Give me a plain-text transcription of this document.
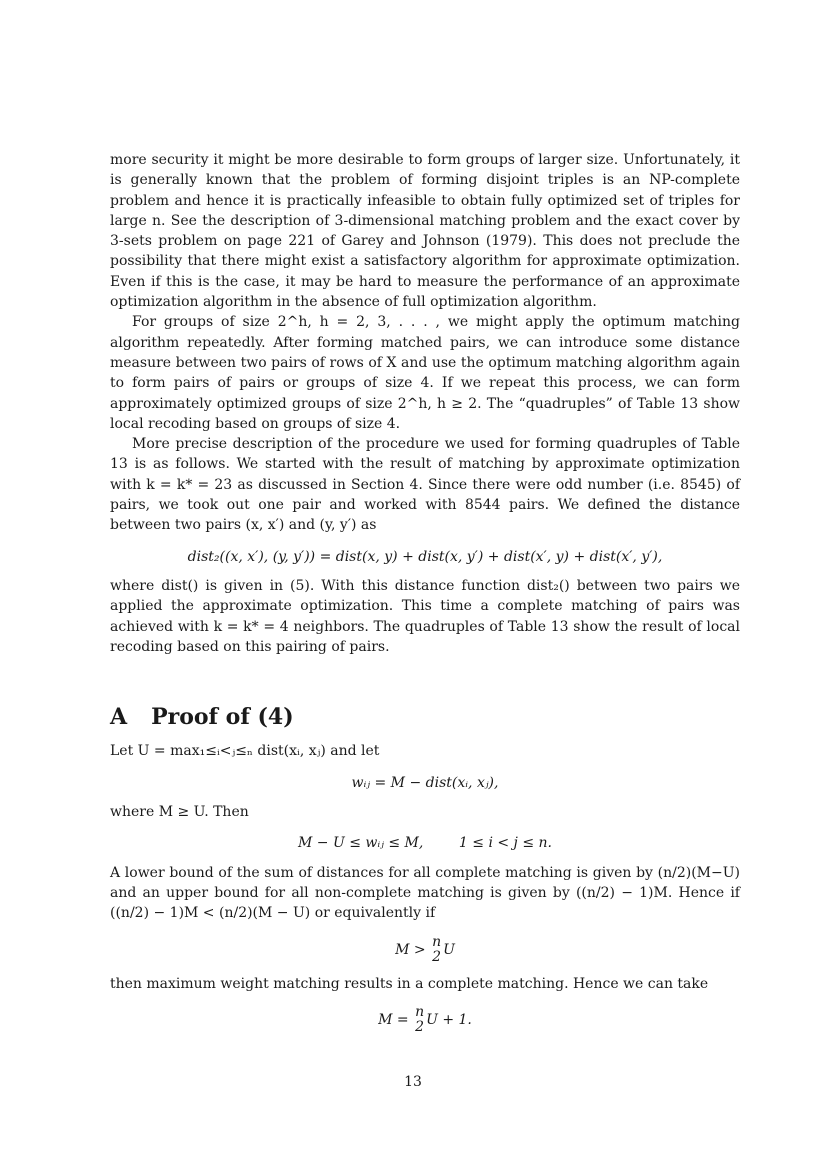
more security it might be more desirable to form groups of larger size. Unfortunately, it is generally known that the problem of forming disjoint triples is an NP-complete problem and hence it is practically infeasible to obtain fully optimized set of triples for large n. See the description of 3-dimensional matching problem and the exact cover by 3-sets problem on page 221 of Garey and Johnson (1979). This does not preclude the possibility that there might exist a satisfactory algorithm for approximate optimization. Even if this is the case, it may be hard to measure the performance of an approximate optimization algorithm in the absence of full optimization algorithm.

For groups of size 2^h, h = 2, 3, . . . , we might apply the optimum matching algorithm repeatedly. After forming matched pairs, we can introduce some distance measure between two pairs of rows of X and use the optimum matching algorithm again to form pairs of pairs or groups of size 4. If we repeat this process, we can form approximately optimized groups of size 2^h, h ≥ 2. The “quadruples” of Table 13 show local recoding based on groups of size 4.

More precise description of the procedure we used for forming quadruples of Table 13 is as follows. We started with the result of matching by approximate optimization with k = k* = 23 as discussed in Section 4. Since there were odd number (i.e. 8545) of pairs, we took out one pair and worked with 8544 pairs. We defined the distance between two pairs (x, x′) and (y, y′) as

dist₂((x, x′), (y, y′)) = dist(x, y) + dist(x, y′) + dist(x′, y) + dist(x′, y′),

where dist() is given in (5). With this distance function dist₂() between two pairs we applied the approximate optimization. This time a complete matching of pairs was achieved with k = k* = 4 neighbors. The quadruples of Table 13 show the result of local recoding based on this pairing of pairs.

A Proof of (4)

Let U = max₁≤ᵢ<ⱼ≤ₙ dist(xᵢ, xⱼ) and let

wᵢⱼ = M − dist(xᵢ, xⱼ),

where M ≥ U. Then

M − U ≤ wᵢⱼ ≤ M,        1 ≤ i < j ≤ n.

A lower bound of the sum of distances for all complete matching is given by (n/2)(M−U) and an upper bound for all non-complete matching is given by ((n/2) − 1)M. Hence if ((n/2) − 1)M < (n/2)(M − U) or equivalently if

M > n
2 U

then maximum weight matching results in a complete matching. Hence we can take

M = n
2 U + 1.
13
